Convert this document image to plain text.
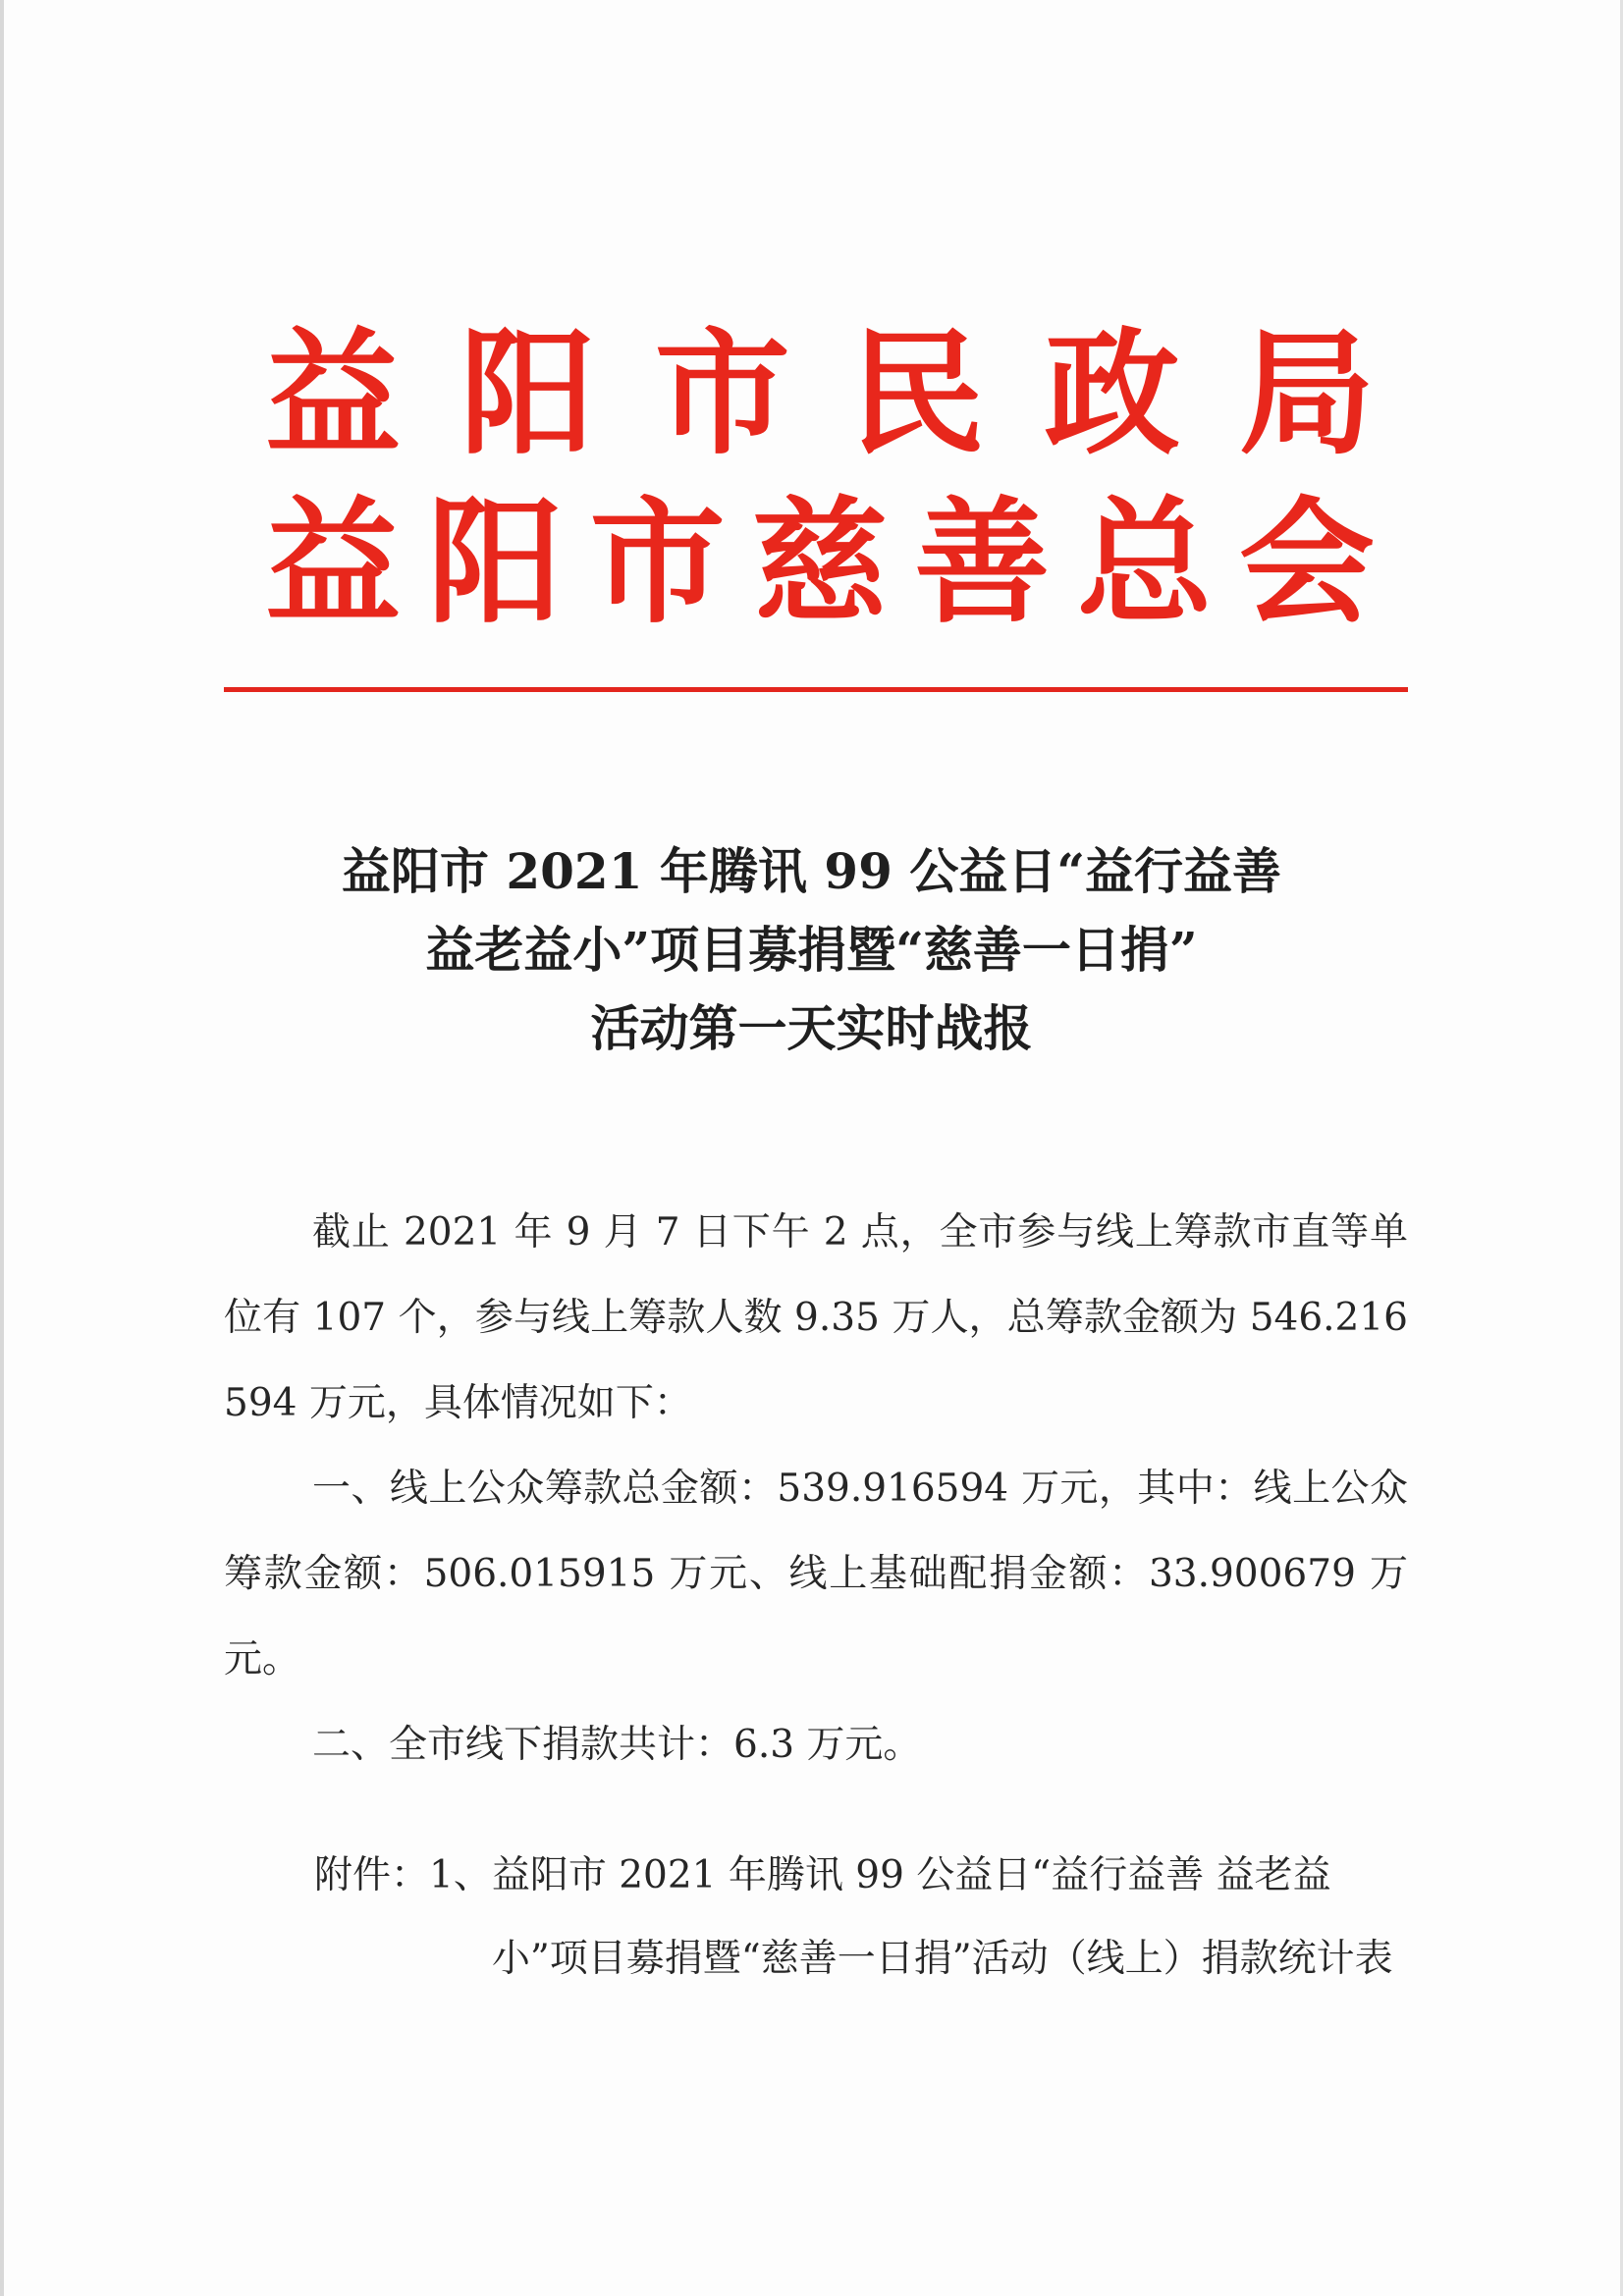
益 阳 市 民 政 局
益 阳 市 慈 善 总 会
益阳市 2021 年腾讯 99 公益日“益行益善
益老益小”项目募捐暨“慈善一日捐”
活动第一天实时战报

截止 2021 年 9 月 7 日下午 2 点，全市参与线上筹款市直等单位有 107 个，参与线上筹款人数 9.35 万人，总筹款金额为 546.216594 万元，具体情况如下：

一、线上公众筹款总金额：539.916594 万元，其中：线上公众筹款金额：506.015915 万元、线上基础配捐金额：33.900679 万元。

二、全市线下捐款共计：6.3 万元。

附件：1、 益阳市 2021 年腾讯 99 公益日“益行益善 益老益小”项目募捐暨“慈善一日捐”活动（线上）捐款统计表
